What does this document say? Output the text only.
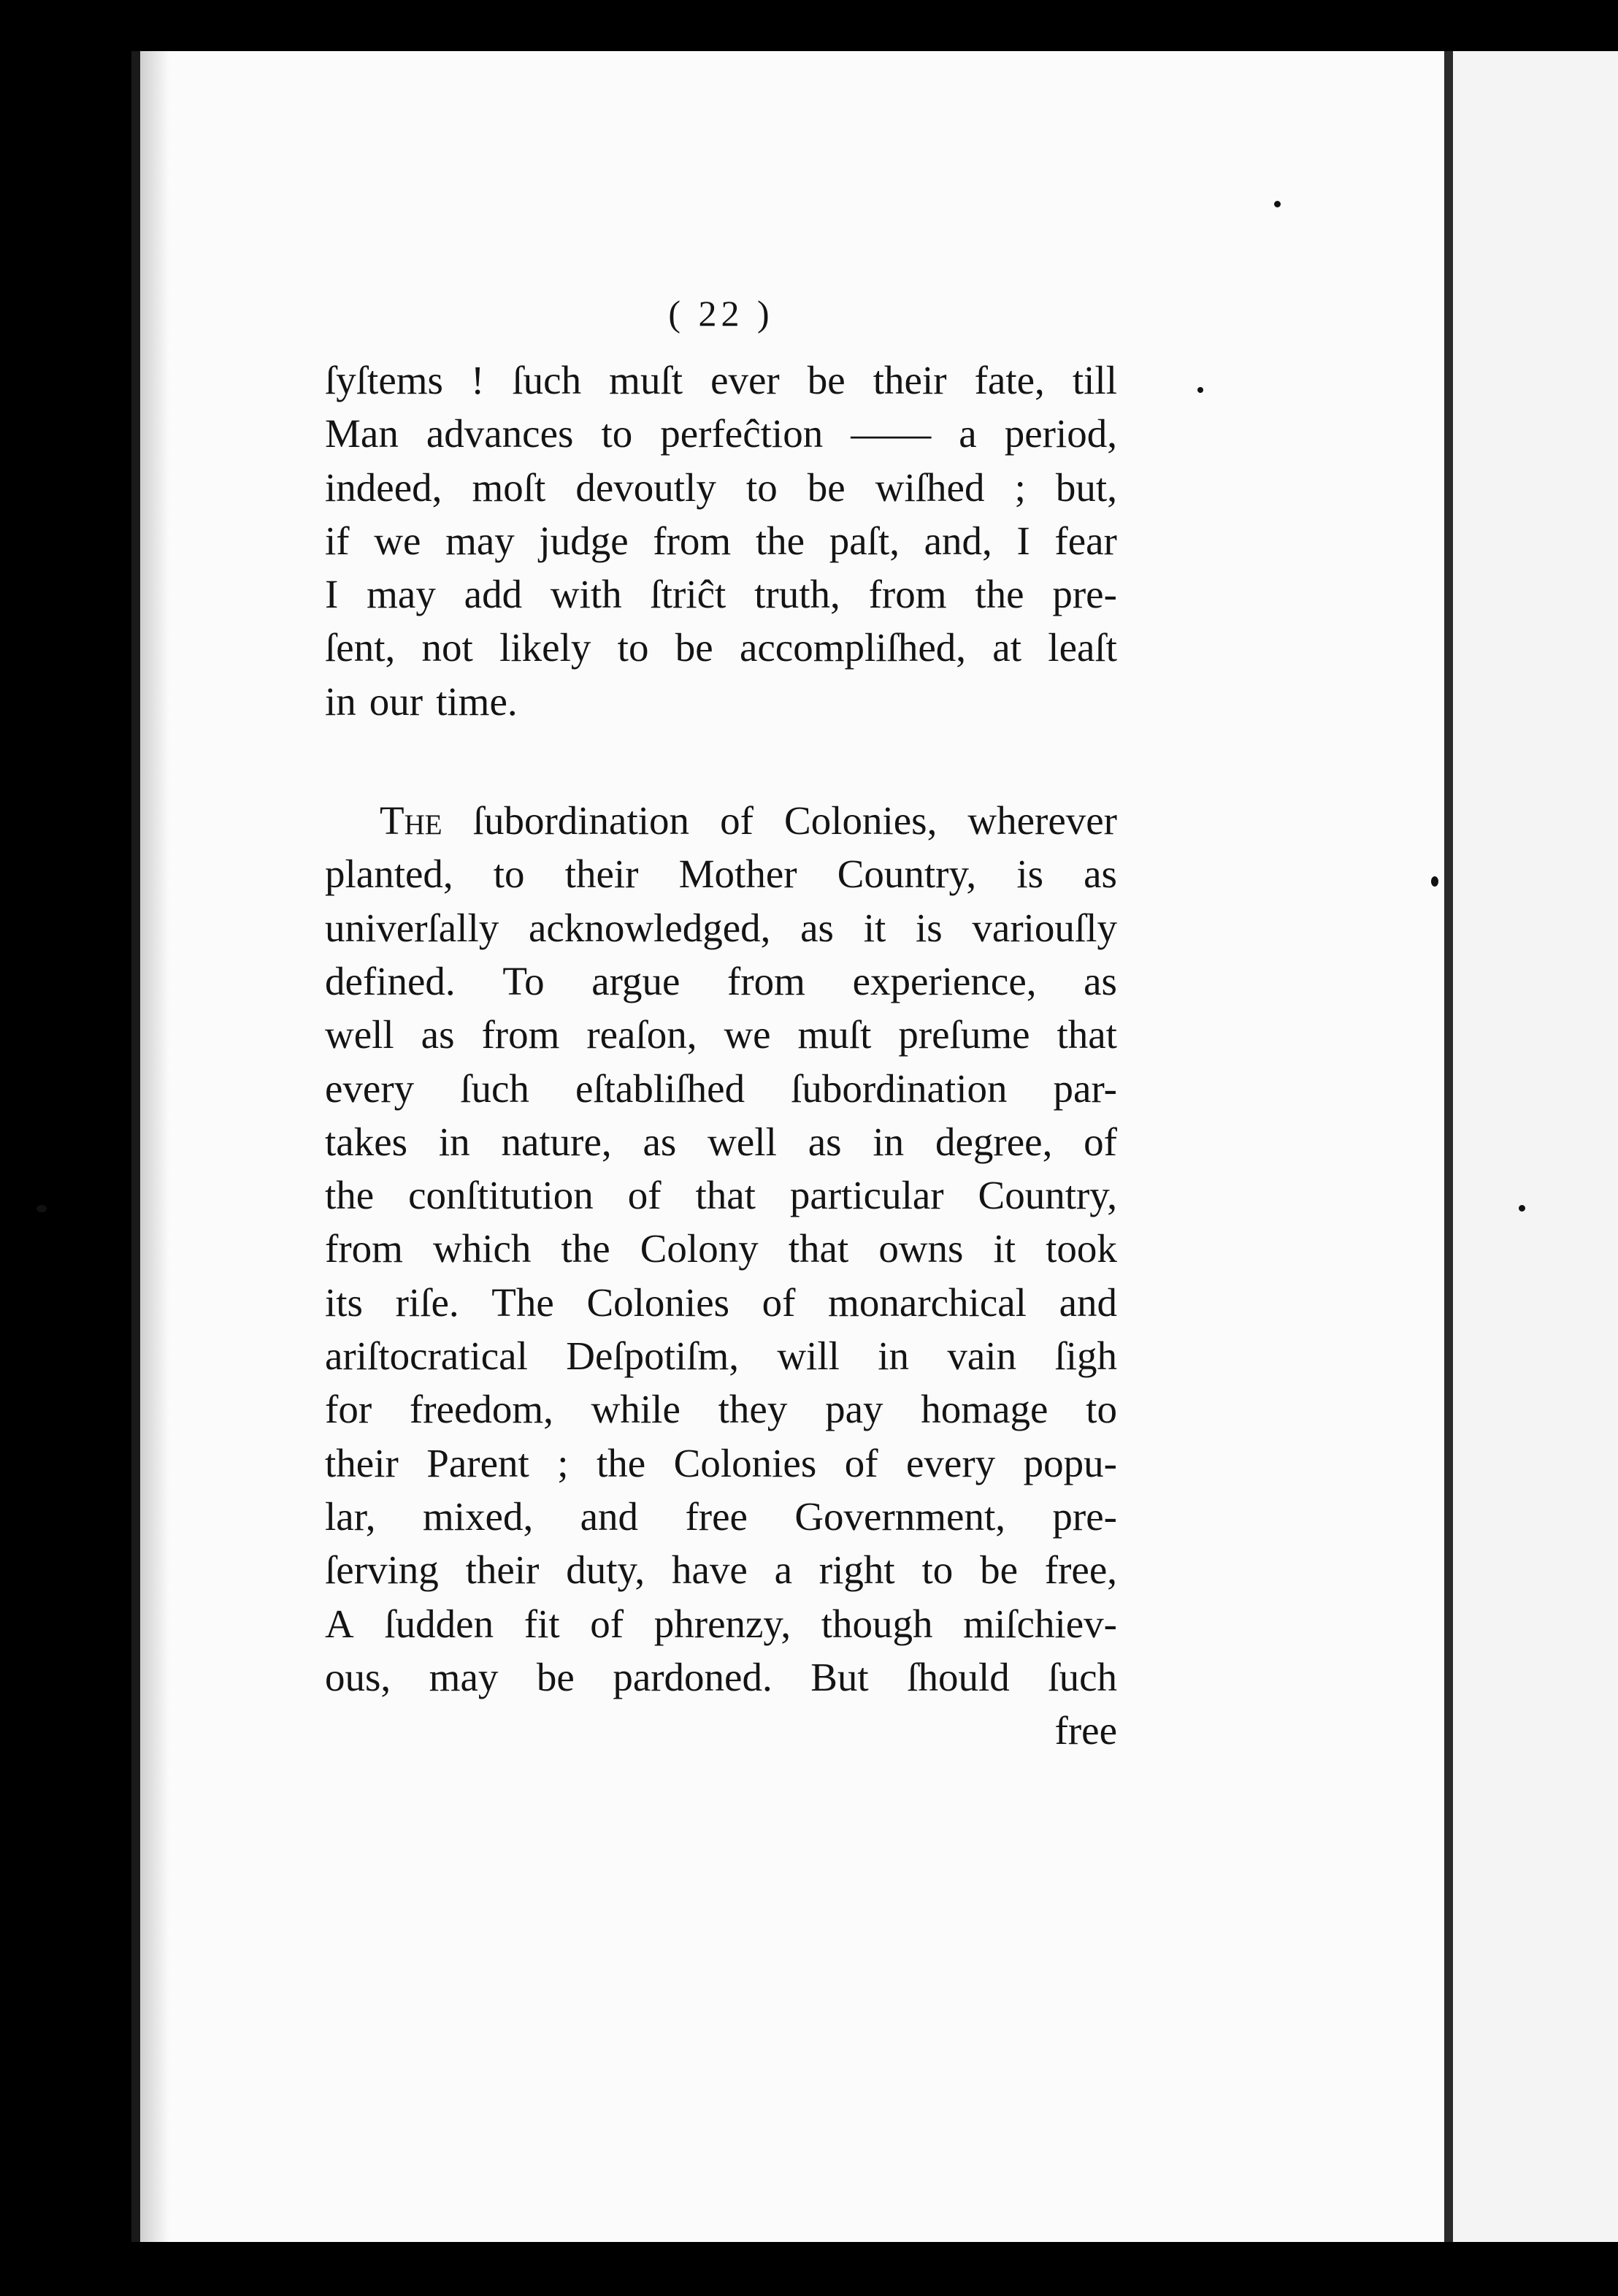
( 22 )
ſyſtems ! ſuch muſt ever be their fate, till
Man advances to perfeĉtion —— a period,
indeed, moſt devoutly to be wiſhed ; but,
if we may judge from the paſt, and, I fear
I may add with ſtriĉt truth, from the pre-
ſent, not likely to be accompliſhed, at leaſt
in our time.
The ſubordination of Colonies, wherever
planted, to their Mother Country, is as
univerſally acknowledged, as it is variouſly
defined. To argue from experience, as
well as from reaſon, we muſt preſume that
every ſuch eſtabliſhed ſubordination par-
takes in nature, as well as in degree, of
the conſtitution of that particular Country,
from which the Colony that owns it took
its riſe. The Colonies of monarchical and
ariſtocratical Deſpotiſm, will in vain ſigh
for freedom, while they pay homage to
their Parent ; the Colonies of every popu-
lar, mixed, and free Government, pre-
ſerving their duty, have a right to be free,
A ſudden fit of phrenzy, though miſchiev-
ous, may be pardoned. But ſhould ſuch
free
